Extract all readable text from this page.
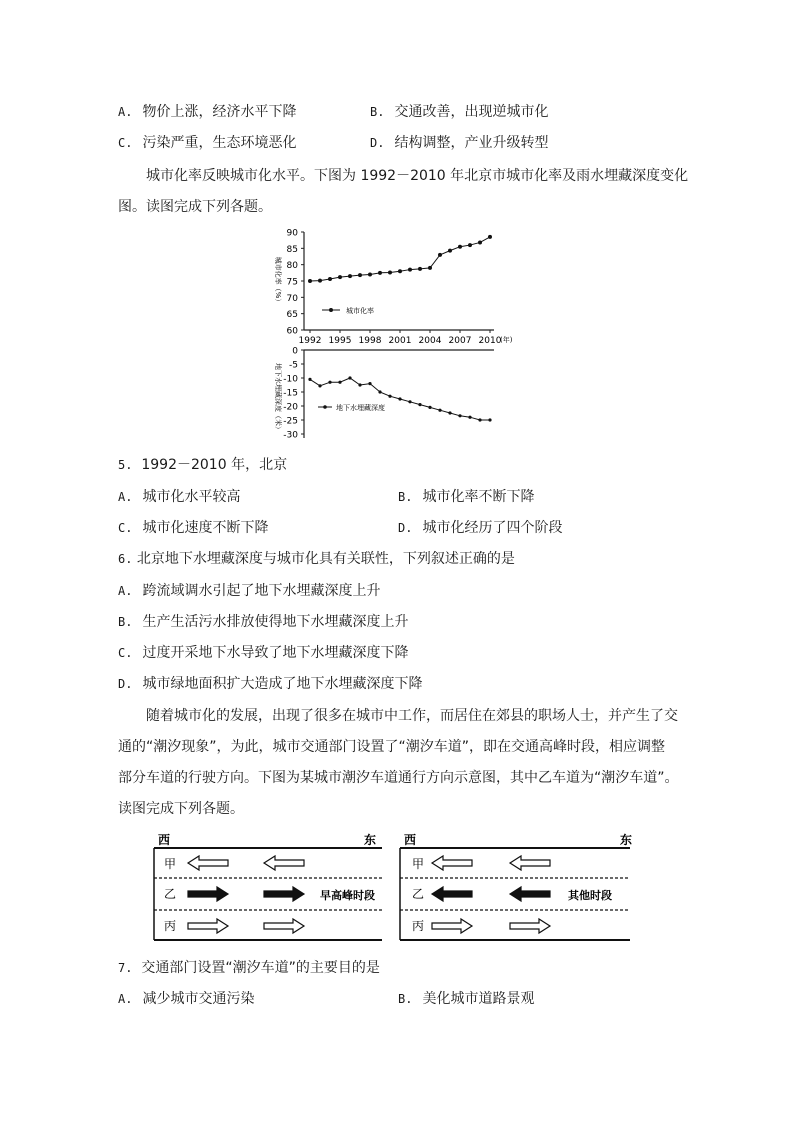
A. 物价上涨，经济水平下降	B. 交通改善，出现逆城市化
C. 污染严重，生态环境恶化	D. 结构调整，产业升级转型
城市化率反映城市化水平。下图为 1992－2010 年北京市城市化率及雨水埋藏深度变化
图。读图完成下列各题。
60
65
70
75
80
85
90
1992 1995 1998 2001 2004 2007 2010
城市化率（%）
(年)
城市化率
0
-5
-10
-15
-20
-25
-30
地下水埋藏深度（米）	地下水埋藏深度
5. 1992－2010 年，北京
A. 城市化水平较高	B. 城市化率不断下降
C. 城市化速度不断下降	D. 城市化经历了四个阶段
6. 北京地下水埋藏深度与城市化具有关联性，下列叙述正确的是
A. 跨流域调水引起了地下水埋藏深度上升
B. 生产生活污水排放使得地下水埋藏深度上升
C. 过度开采地下水导致了地下水埋藏深度下降
D. 城市绿地面积扩大造成了地下水埋藏深度下降
随着城市化的发展，出现了很多在城市中工作，而居住在郊县的职场人士，并产生了交
通的“潮汐现象”，为此，城市交通部门设置了“潮汐车道”，即在交通高峰时段，相应调整
部分车道的行驶方向。下图为某城市潮汐车道通行方向示意图，其中乙车道为“潮汐车道”。
读图完成下列各题。
西	东
甲
乙
丙
早高峰时段
西	东
甲
乙
丙
其他时段
7. 交通部门设置“潮汐车道”的主要目的是
A. 减少城市交通污染	B. 美化城市道路景观
